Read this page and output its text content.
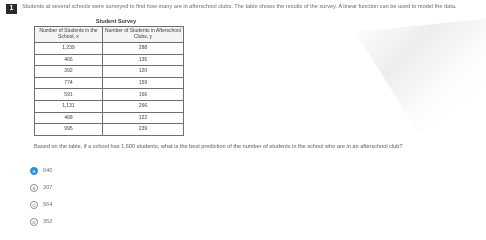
1	Students at several schools were surveyed to find how many are in afterschool clubs. The table shows the results of the survey. A linear function can be used to model the data.
Student Survey
Number of Students in the School, x	Number of Students in Afterschool Clubs, y
1,239	288
466	135
392	120
774	159
591	166
1,131	266
468	122
995	239
Based on the table, if a school has 1,600 students, what is the best prediction of the number of students in the school who are in an afterschool club?
A	640
B	307
C	564
D	352
